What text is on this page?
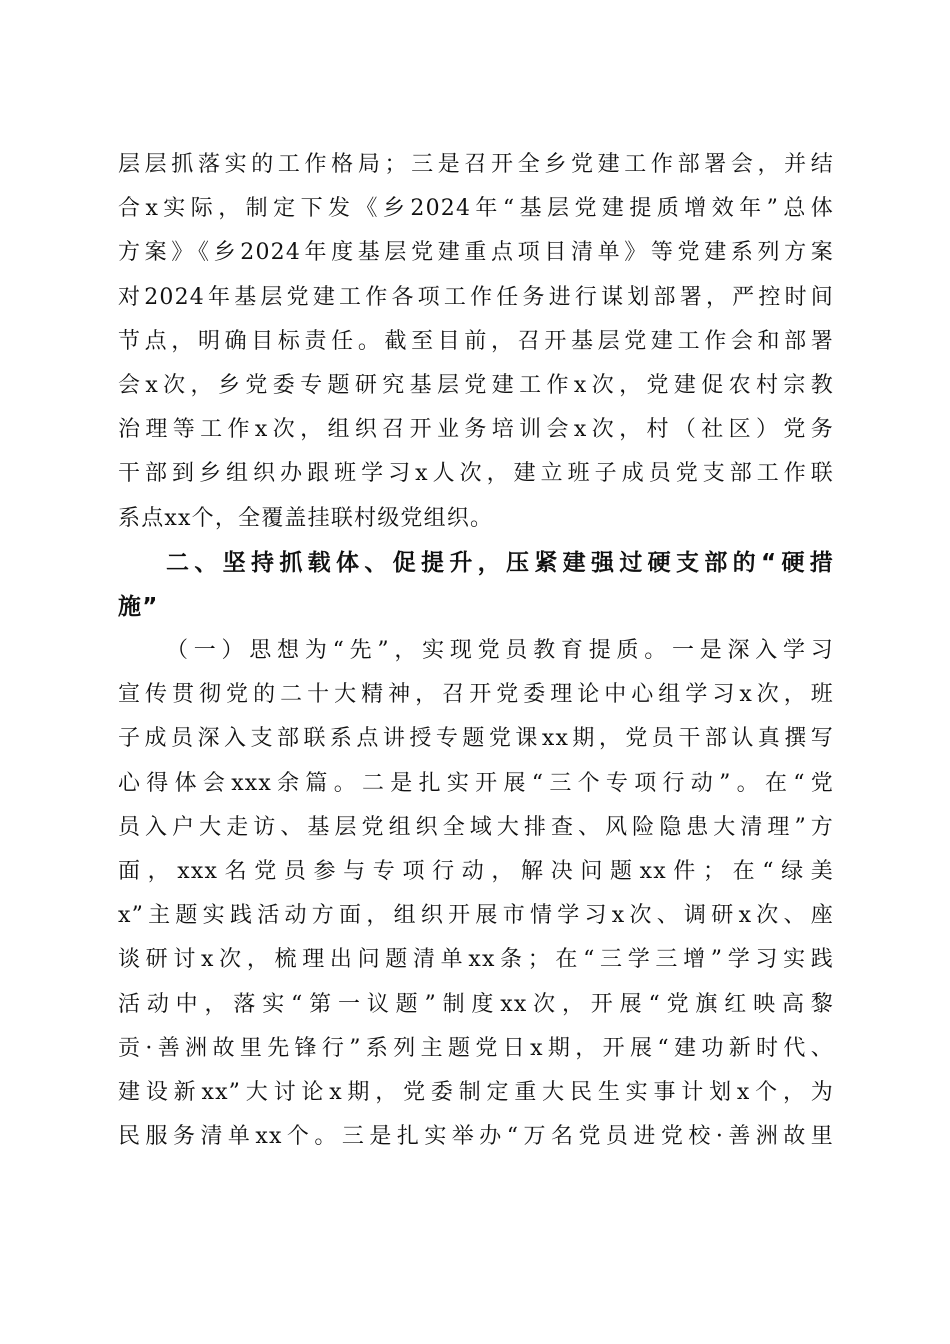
层层抓落实的工作格局；三是召开全乡党建工作部署会，并结
合x实际，制定下发《乡2024年“基层党建提质增效年”总体
方案》《乡2024年度基层党建重点项目清单》等党建系列方案
对2024年基层党建工作各项工作任务进行谋划部署，严控时间
节点，明确目标责任。截至目前，召开基层党建工作会和部署
会x次，乡党委专题研究基层党建工作x次，党建促农村宗教
治理等工作x次，组织召开业务培训会x次，村（社区）党务
干部到乡组织办跟班学习x人次，建立班子成员党支部工作联
系点xx个，全覆盖挂联村级党组织。
二、坚持抓载体、促提升，压紧建强过硬支部的“硬措
施”
（一）思想为“先”，实现党员教育提质。一是深入学习
宣传贯彻党的二十大精神，召开党委理论中心组学习x次，班
子成员深入支部联系点讲授专题党课xx期，党员干部认真撰写
心得体会xxx余篇。二是扎实开展“三个专项行动”。在“党
员入户大走访、基层党组织全域大排查、风险隐患大清理”方
面，xxx名党员参与专项行动，解决问题xx件；在“绿美
x”主题实践活动方面，组织开展市情学习x次、调研x次、座
谈研讨x次，梳理出问题清单xx条；在“三学三增”学习实践
活动中，落实“第一议题”制度xx次，开展“党旗红映高黎
贡·善洲故里先锋行”系列主题党日x期，开展“建功新时代、
建设新xx”大讨论x期，党委制定重大民生实事计划x个，为
民服务清单xx个。三是扎实举办“万名党员进党校·善洲故里
